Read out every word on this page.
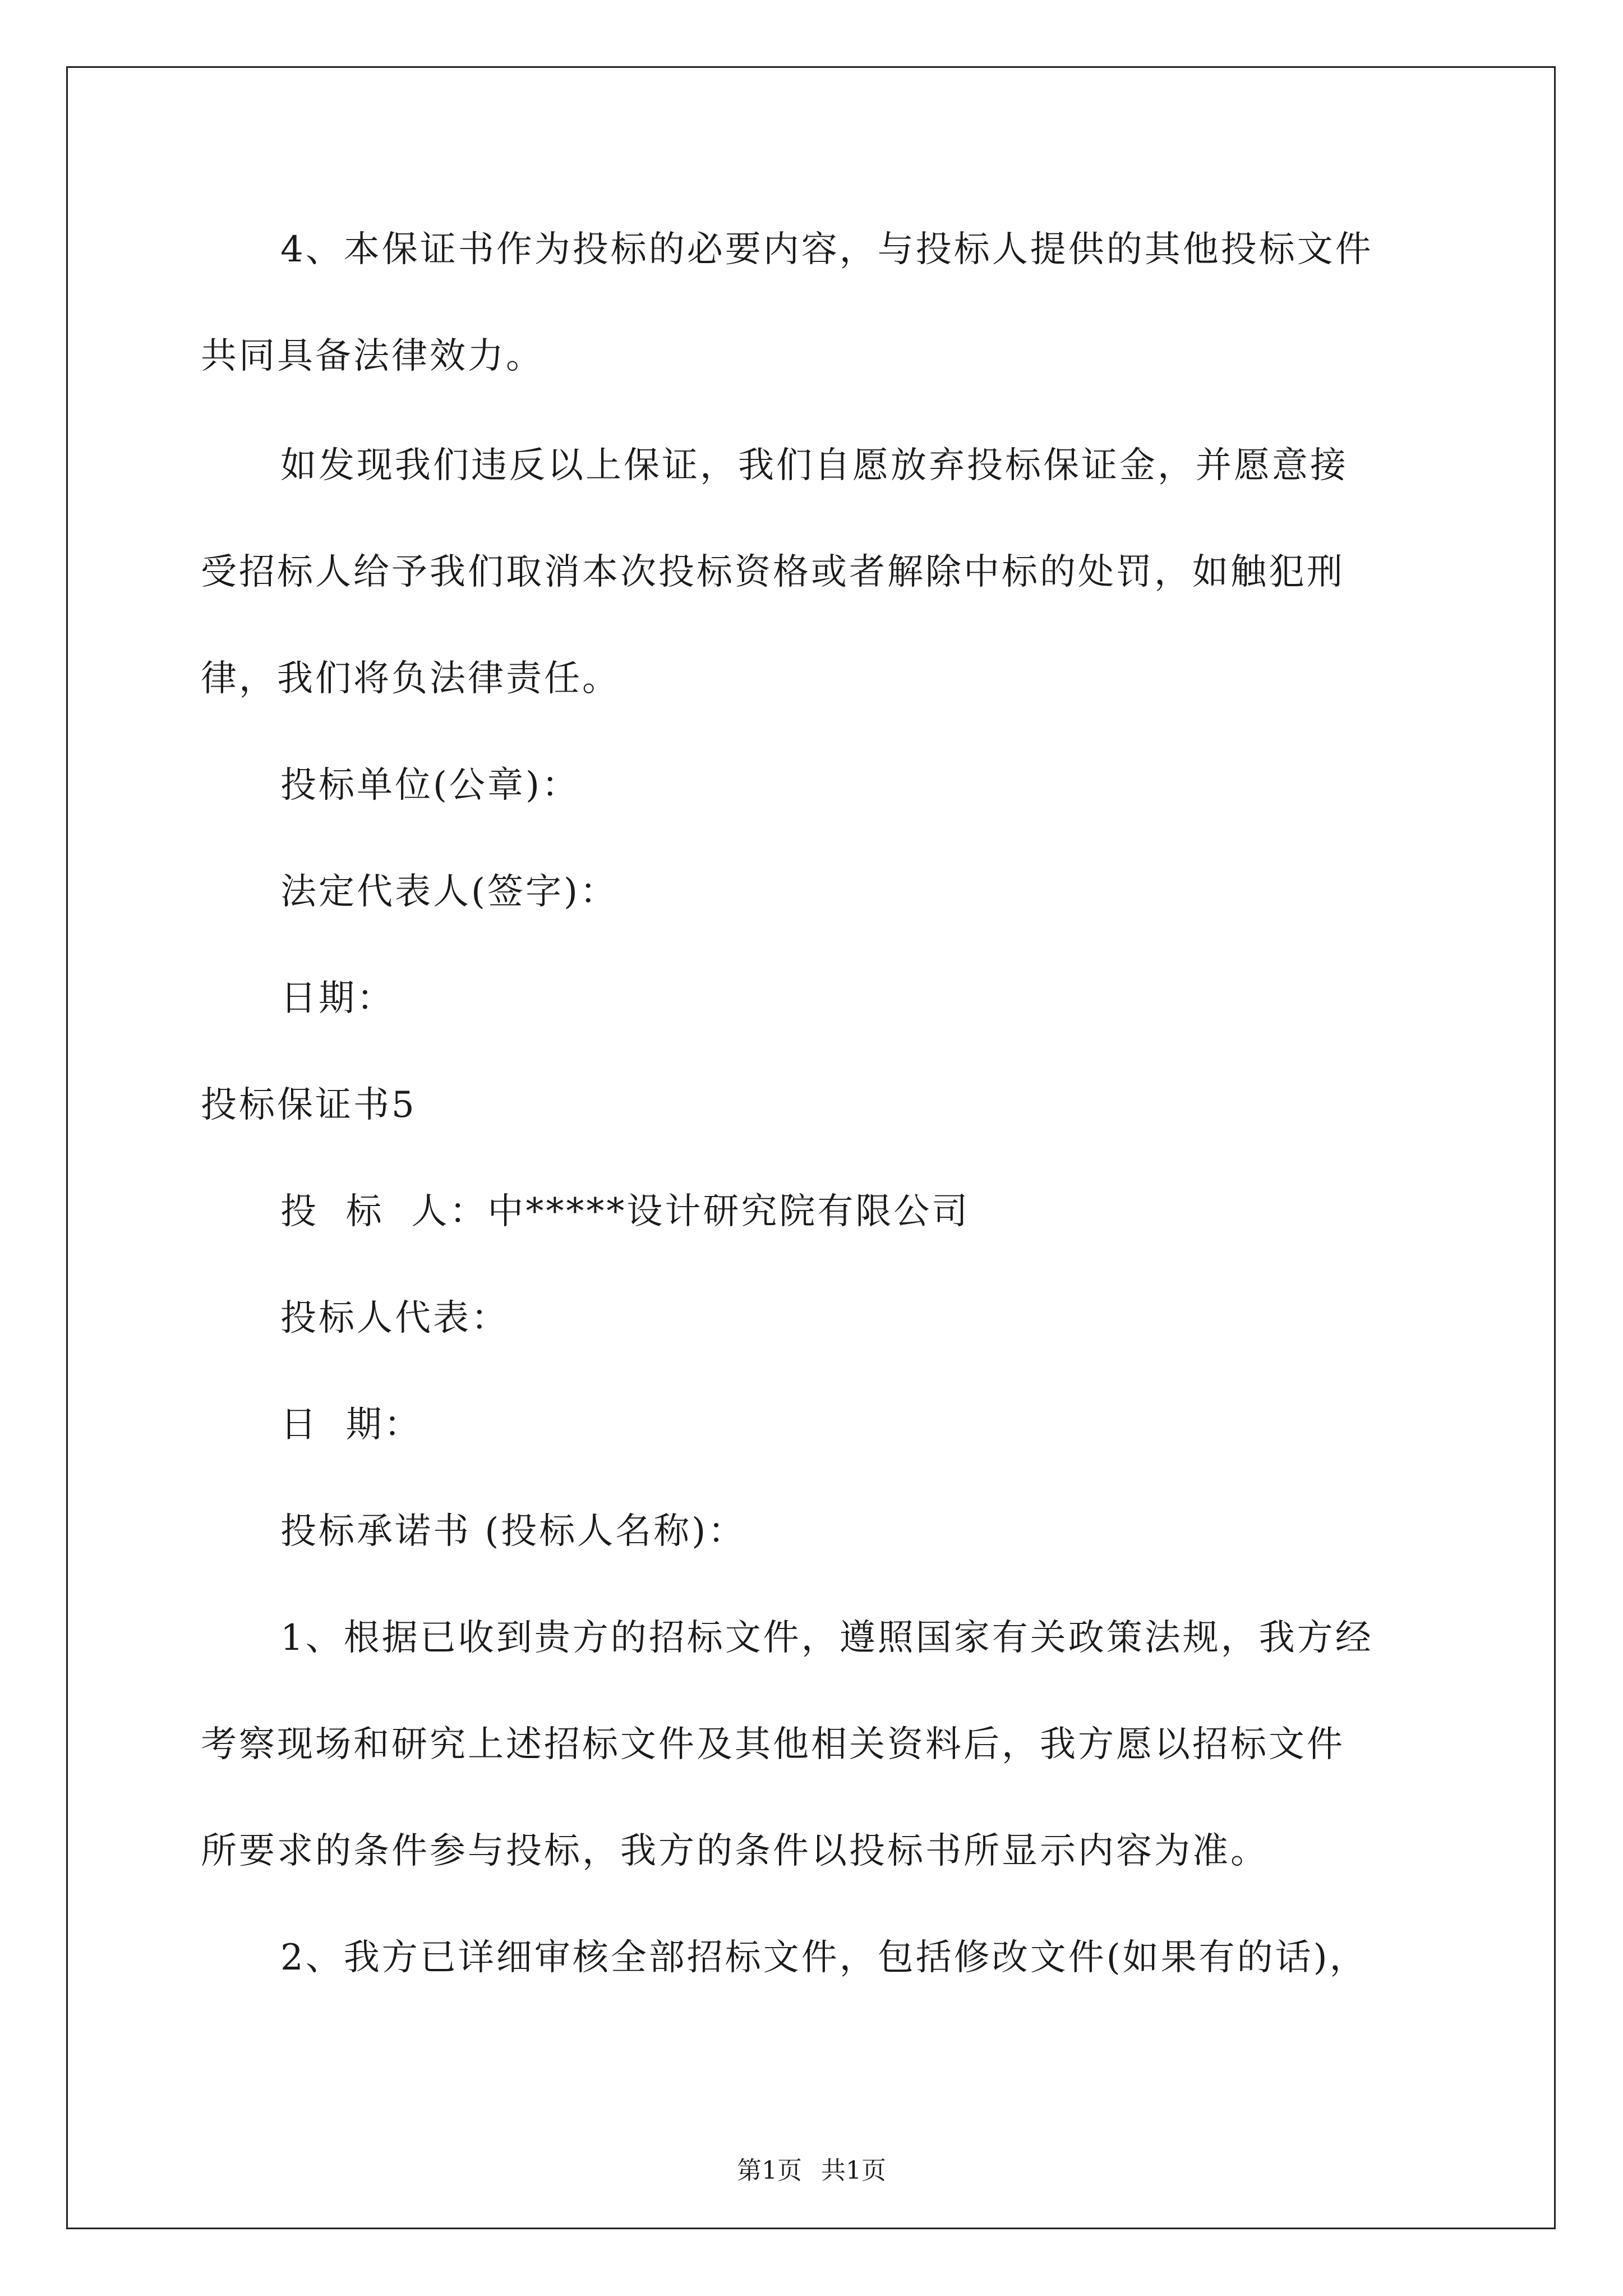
4、本保证书作为投标的必要内容，与投标人提供的其他投标文件
共同具备法律效力。
如发现我们违反以上保证，我们自愿放弃投标保证金，并愿意接
受招标人给予我们取消本次投标资格或者解除中标的处罚，如触犯刑
律，我们将负法律责任。
投标单位(公章)：
法定代表人(签字)：
日期：
投标保证书5
投  标  人：中*****设计研究院有限公司
投标人代表：
日  期：
投标承诺书 (投标人名称)：
1、根据已收到贵方的招标文件，遵照国家有关政策法规，我方经
考察现场和研究上述招标文件及其他相关资料后，我方愿以招标文件
所要求的条件参与投标，我方的条件以投标书所显示内容为准。
2、我方已详细审核全部招标文件，包括修改文件(如果有的话)，
第1页 共1页
